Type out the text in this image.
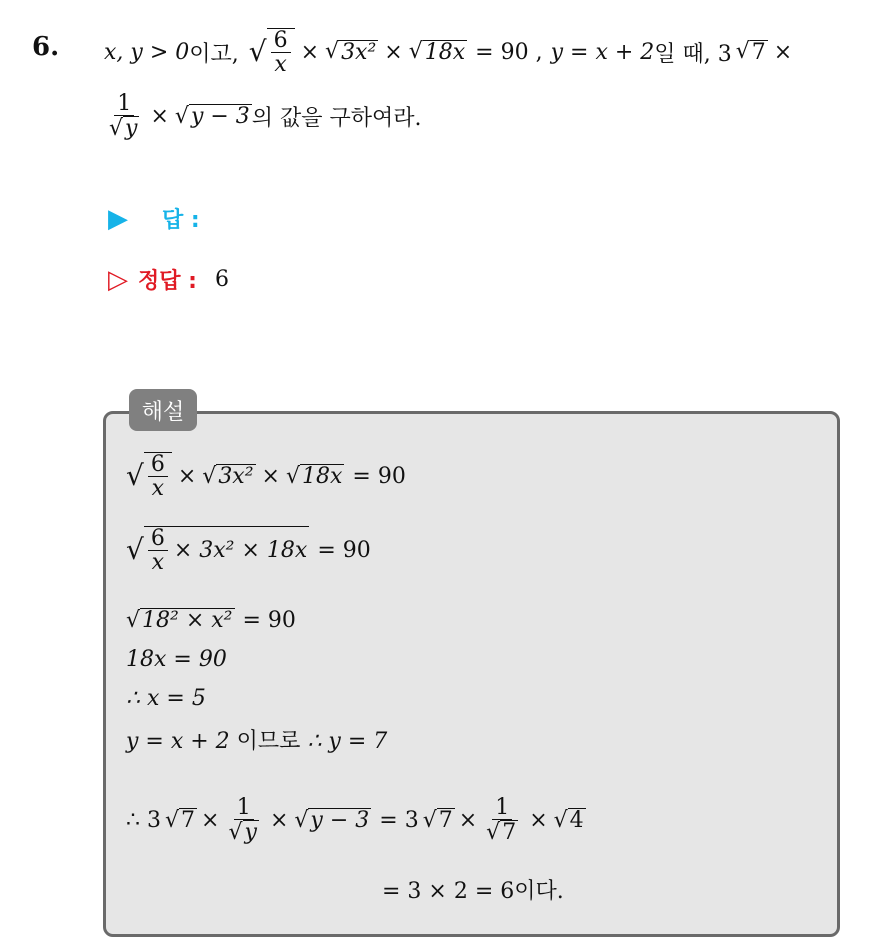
6. x, y > 0 이고, √ $\frac{6}{x}$ × √ 3x² × √ 18x = 90 , y = x + 2 일 때, 3 √ 7 ×
$\frac{1}{√y}$ × √ y − 3 의 값을 구하여라.
▶ 답 :
▷ 정답 : 6
해설
√ $\frac{6}{x}$ × √ 3x² × √ 18x = 90
√ $\frac{6}{x} \times 3x^2 \times 18x = 90$
√ 18² × x² = 90
18x = 90
∴ x = 5
y = x + 2 이므로 ∴ y = 7
∴ 3 √ $7 \times \frac{1}{√y}$ × √ y − 3 = 3 √ $7 \times \frac{1}{√7}$ × √ 4
= 3 × 2 = 6이다.
